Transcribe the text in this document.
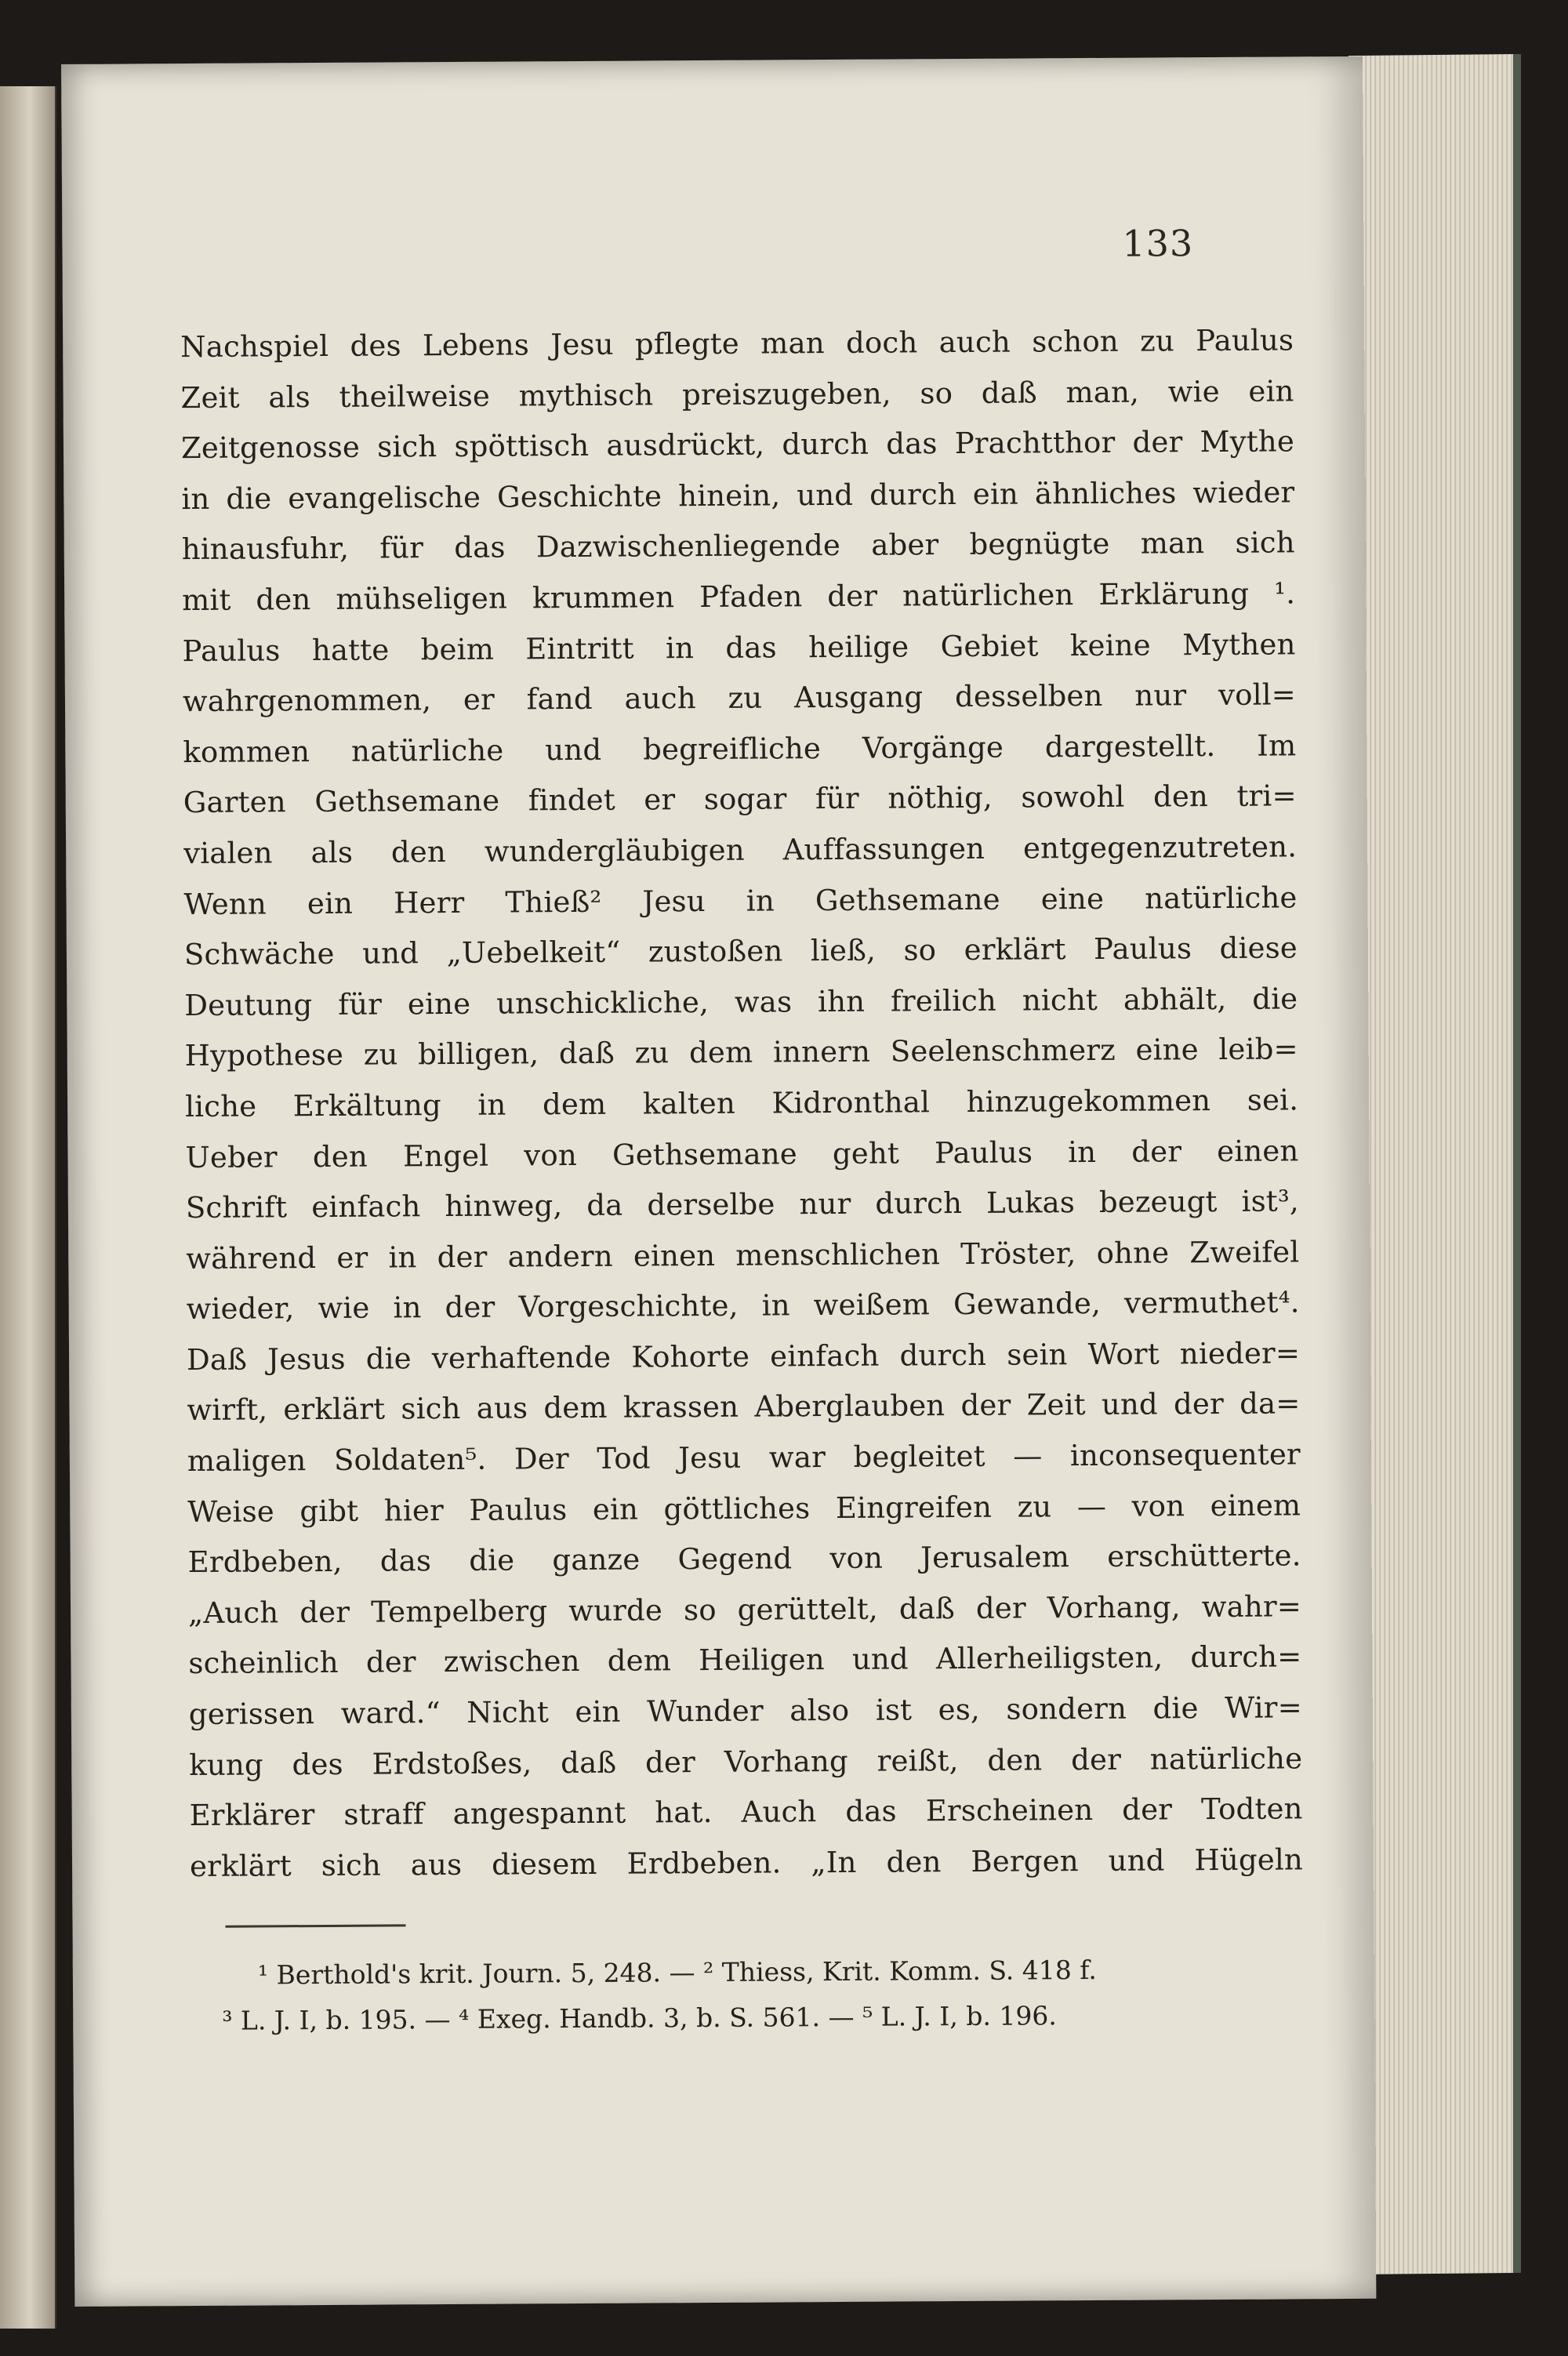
133
Nachspiel des Lebens Jesu pflegte man doch auch schon zu Paulus
Zeit als theilweise mythisch preiszugeben, so daß man, wie ein
Zeitgenosse sich spöttisch ausdrückt, durch das Prachtthor der Mythe
in die evangelische Geschichte hinein, und durch ein ähnliches wieder
hinausfuhr, für das Dazwischenliegende aber begnügte man sich
mit den mühseligen krummen Pfaden der natürlichen Erklärung ¹.
Paulus hatte beim Eintritt in das heilige Gebiet keine Mythen
wahrgenommen, er fand auch zu Ausgang desselben nur voll=
kommen natürliche und begreifliche Vorgänge dargestellt. Im
Garten Gethsemane findet er sogar für nöthig, sowohl den tri=
vialen als den wundergläubigen Auffassungen entgegenzutreten.
Wenn ein Herr Thieß² Jesu in Gethsemane eine natürliche
Schwäche und „Uebelkeit“ zustoßen ließ, so erklärt Paulus diese
Deutung für eine unschickliche, was ihn freilich nicht abhält, die
Hypothese zu billigen, daß zu dem innern Seelenschmerz eine leib=
liche Erkältung in dem kalten Kidronthal hinzugekommen sei.
Ueber den Engel von Gethsemane geht Paulus in der einen
Schrift einfach hinweg, da derselbe nur durch Lukas bezeugt ist³,
während er in der andern einen menschlichen Tröster, ohne Zweifel
wieder, wie in der Vorgeschichte, in weißem Gewande, vermuthet⁴.
Daß Jesus die verhaftende Kohorte einfach durch sein Wort nieder=
wirft, erklärt sich aus dem krassen Aberglauben der Zeit und der da=
maligen Soldaten⁵. Der Tod Jesu war begleitet — inconsequenter
Weise gibt hier Paulus ein göttliches Eingreifen zu — von einem
Erdbeben, das die ganze Gegend von Jerusalem erschütterte.
„Auch der Tempelberg wurde so gerüttelt, daß der Vorhang, wahr=
scheinlich der zwischen dem Heiligen und Allerheiligsten, durch=
gerissen ward.“ Nicht ein Wunder also ist es, sondern die Wir=
kung des Erdstoßes, daß der Vorhang reißt, den der natürliche
Erklärer straff angespannt hat. Auch das Erscheinen der Todten
erklärt sich aus diesem Erdbeben. „In den Bergen und Hügeln
¹ Berthold's krit. Journ. 5, 248. — ² Thiess, Krit. Komm. S. 418 f.
³ L. J. I, b. 195. — ⁴ Exeg. Handb. 3, b. S. 561. — ⁵ L. J. I, b. 196.
